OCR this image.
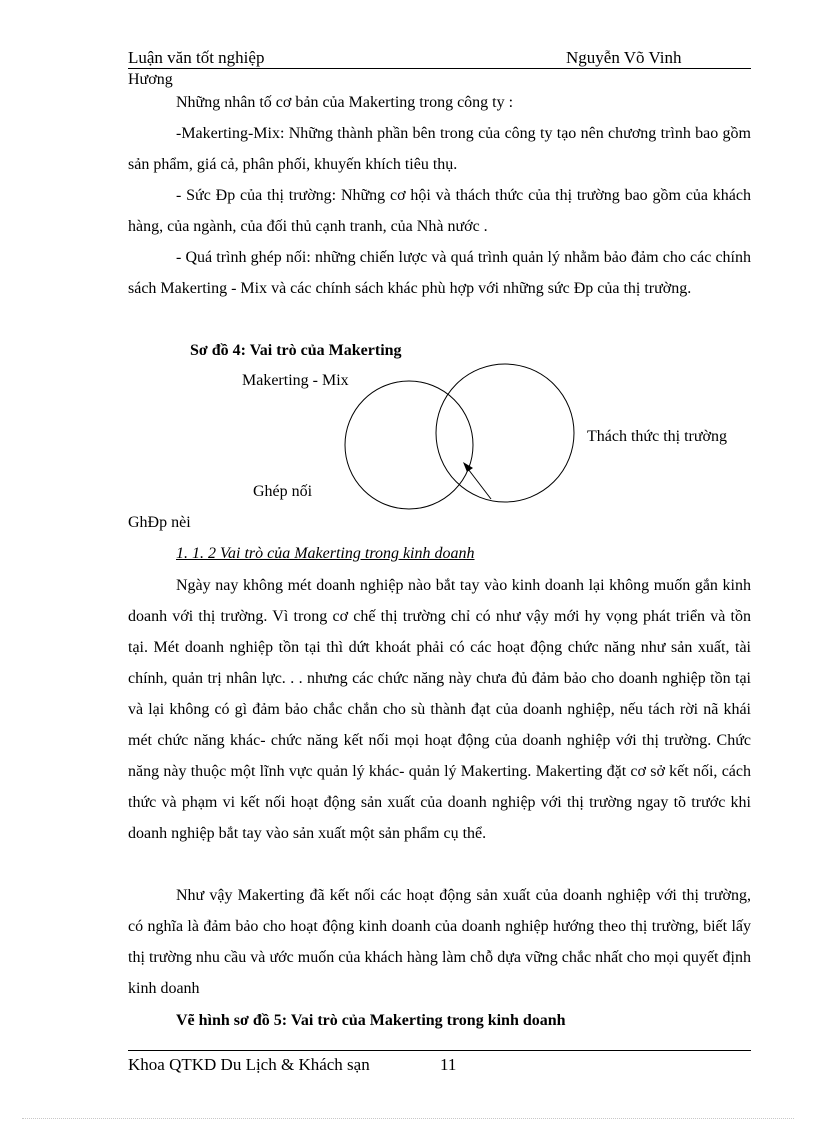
Luận văn tốt nghiệp	Nguyễn Võ Vinh
Hương
Những nhân tố cơ bản của Makerting trong công ty :
-Makerting-Mix: Những thành phần bên trong của công ty tạo nên chương trình bao gồm sản phẩm, giá cả, phân phối, khuyến khích tiêu thụ.
- Sức Đp của thị trường: Những cơ hội và thách thức của thị trường bao gồm của khách hàng, của ngành, của đối thủ cạnh tranh, của Nhà nước .
- Quá trình ghép nối: những chiến lược và quá trình quản lý nhằm bảo đảm cho các chính sách Makerting - Mix và các chính sách khác phù hợp với những sức Đp của thị trường.
Sơ đồ 4: Vai trò của Makerting
Makerting - Mix
Thách thức thị trường
Ghép nối
GhĐp nèi
1. 1. 2 Vai trò của Makerting trong kinh doanh
Ngày nay không mét doanh nghiệp nào bắt tay vào kinh doanh lại không muốn gắn kinh doanh với thị trường. Vì trong cơ chế thị trường chỉ có như vậy mới hy vọng phát triển và tồn tại. Mét doanh nghiệp tồn tại thì dứt khoát phải có các hoạt động chức năng như sản xuất, tài chính, quản trị nhân lực. . . nhưng các chức năng này chưa đủ đảm bảo cho doanh nghiệp tồn tại và lại không có gì đảm bảo chắc chắn cho sù thành đạt của doanh nghiệp, nếu tách rời nã khái mét chức năng khác- chức năng kết nối mọi hoạt động của doanh nghiệp với thị trường. Chức năng này thuộc một lĩnh vực quản lý khác- quản lý Makerting. Makerting đặt cơ sở kết nối, cách thức và phạm vi kết nối hoạt động sản xuất của doanh nghiệp với thị trường ngay tõ trước khi doanh nghiệp bắt tay vào sản xuất một sản phẩm cụ thể.
Như vậy Makerting đã kết nối các hoạt động sản xuất của doanh nghiệp với thị trường, có nghĩa là đảm bảo cho hoạt động kinh doanh của doanh nghiệp hướng theo thị trường, biết lấy thị trường nhu cầu và ước muốn của khách hàng làm chỗ dựa vững chắc nhất cho mọi quyết định kinh doanh
Vẽ hình sơ đồ 5: Vai trò của Makerting trong kinh doanh
Khoa QTKD Du Lịch & Khách sạn	11
